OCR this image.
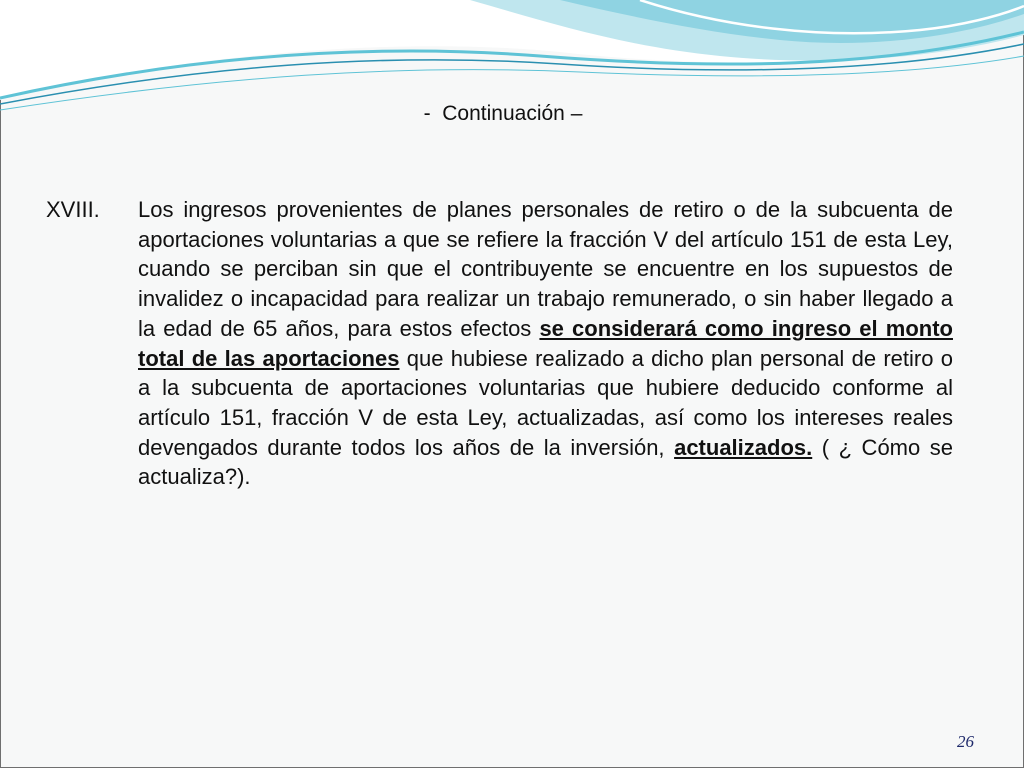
-  Continuación –
XVIII. Los ingresos provenientes de planes personales de retiro o de la subcuenta de aportaciones voluntarias a que se refiere la fracción V del artículo 151 de esta Ley, cuando se perciban sin que el contribuyente se encuentre en los supuestos de invalidez o incapacidad para realizar un trabajo remunerado, o sin haber llegado a la edad de 65 años, para estos efectos se considerará como ingreso el monto total de las aportaciones que hubiese realizado a dicho plan personal de retiro o a la subcuenta de aportaciones voluntarias que hubiere deducido conforme al artículo 151, fracción V de esta Ley, actualizadas, así como los intereses reales devengados durante todos los años de la inversión, actualizados. ( ¿ Cómo se actualiza?).

26
